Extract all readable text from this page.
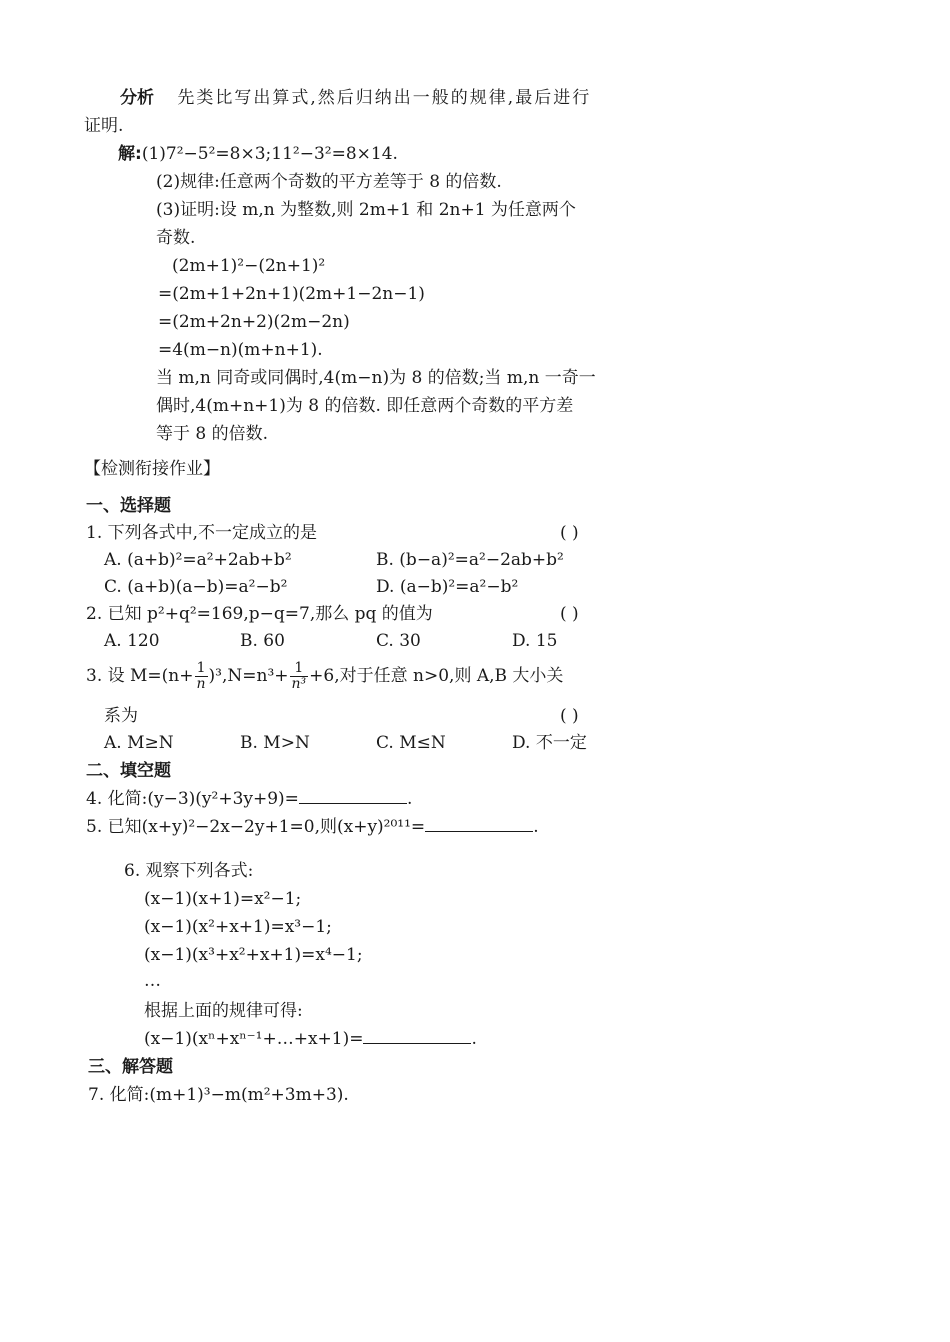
分析 先类比写出算式,然后归纳出一般的规律,最后进行
证明.
解:(1)7²−5²=8×3;11²−3²=8×14.
(2)规律:任意两个奇数的平方差等于 8 的倍数.
(3)证明:设 m,n 为整数,则 2m+1 和 2n+1 为任意两个
奇数.
(2m+1)²−(2n+1)²
=(2m+1+2n+1)(2m+1−2n−1)
=(2m+2n+2)(2m−2n)
=4(m−n)(m+n+1).
当 m,n 同奇或同偶时,4(m−n)为 8 的倍数;当 m,n 一奇一
偶时,4(m+n+1)为 8 的倍数. 即任意两个奇数的平方差
等于 8 的倍数.
【检测衔接作业】
一、选择题
1. 下列各式中,不一定成立的是	( )
A. (a+b)²=a²+2ab+b²	B. (b−a)²=a²−2ab+b²
C. (a+b)(a−b)=a²−b²	D. (a−b)²=a²−b²
2. 已知 p²+q²=169,p−q=7,那么 pq 的值为	( )
A. 120	B. 60	C. 30	D. 15
3. 设 $M=(n+ \frac{1}{n} )^3,N=n^3+ \frac{1}{\text{n³}} +6$,对于任意 n>0,则 A,B 大小关
系为	( )
A. M≥N	B. M>N	C. M≤N	D. 不一定
二、填空题
4. 化简:(y−3)(y²+3y+9)=	.
5. 已知(x+y)²−2x−2y+1=0,则(x+y)²⁰¹¹=	.
6. 观察下列各式:
(x−1)(x+1)=x²−1;
(x−1)(x²+x+1)=x³−1;
(x−1)(x³+x²+x+1)=x⁴−1;
…
根据上面的规律可得:
(x−1)(xⁿ+xⁿ⁻¹+…+x+1)=	.
三、解答题
7. 化简:(m+1)³−m(m²+3m+3).
